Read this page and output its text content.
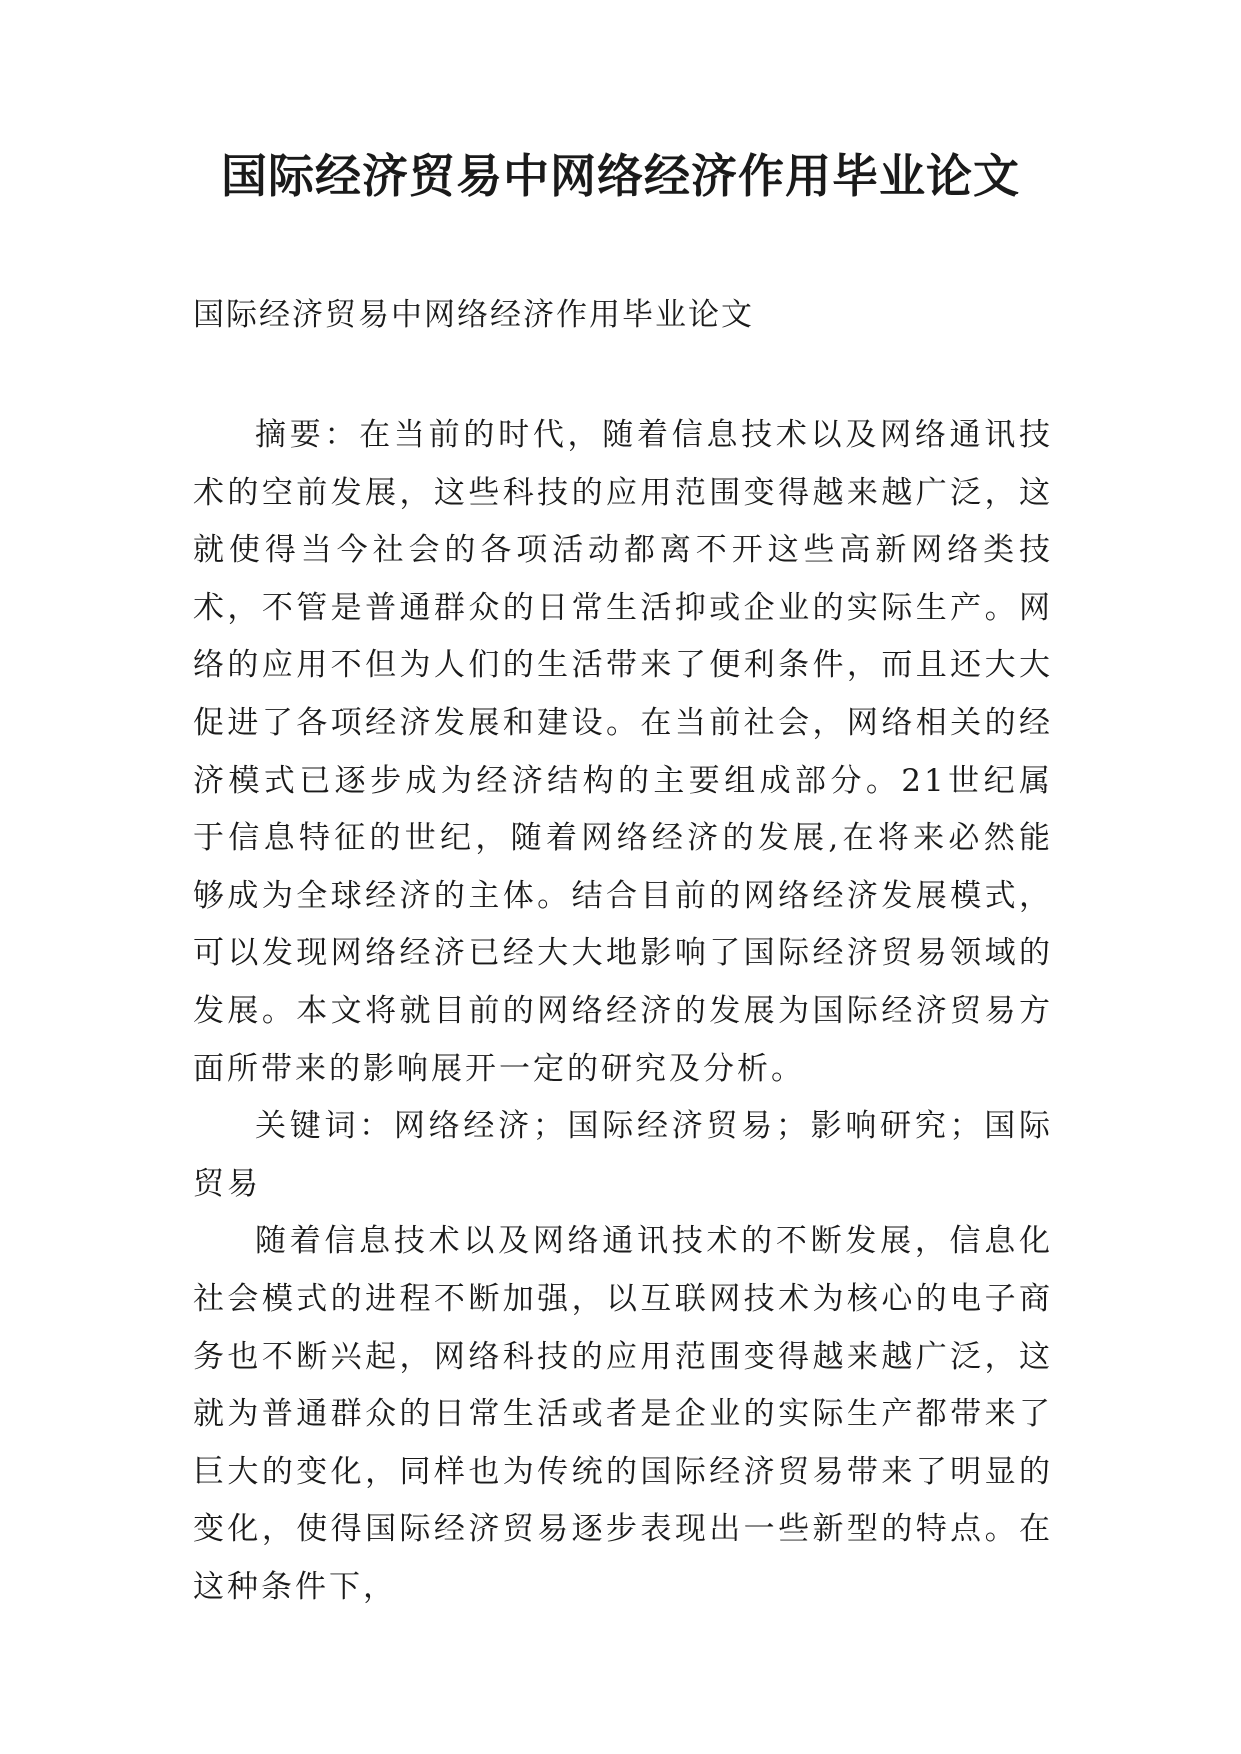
国际经济贸易中网络经济作用毕业论文

国际经济贸易中网络经济作用毕业论文

摘要：在当前的时代，随着信息技术以及网络通讯技术的空前发展，这些科技的应用范围变得越来越广泛，这就使得当今社会的各项活动都离不开这些高新网络类技术，不管是普通群众的日常生活抑或企业的实际生产。网络的应用不但为人们的生活带来了便利条件，而且还大大促进了各项经济发展和建设。在当前社会，网络相关的经济模式已逐步成为经济结构的主要组成部分。21世纪属于信息特征的世纪，随着网络经济的发展,在将来必然能够成为全球经济的主体。结合目前的网络经济发展模式，可以发现网络经济已经大大地影响了国际经济贸易领域的发展。本文将就目前的网络经济的发展为国际经济贸易方面所带来的影响展开一定的研究及分析。

关键词：网络经济；国际经济贸易；影响研究；国际贸易

随着信息技术以及网络通讯技术的不断发展，信息化社会模式的进程不断加强，以互联网技术为核心的电子商务也不断兴起，网络科技的应用范围变得越来越广泛，这就为普通群众的日常生活或者是企业的实际生产都带来了巨大的变化，同样也为传统的国际经济贸易带来了明显的变化，使得国际经济贸易逐步表现出一些新型的特点。在这种条件下，
